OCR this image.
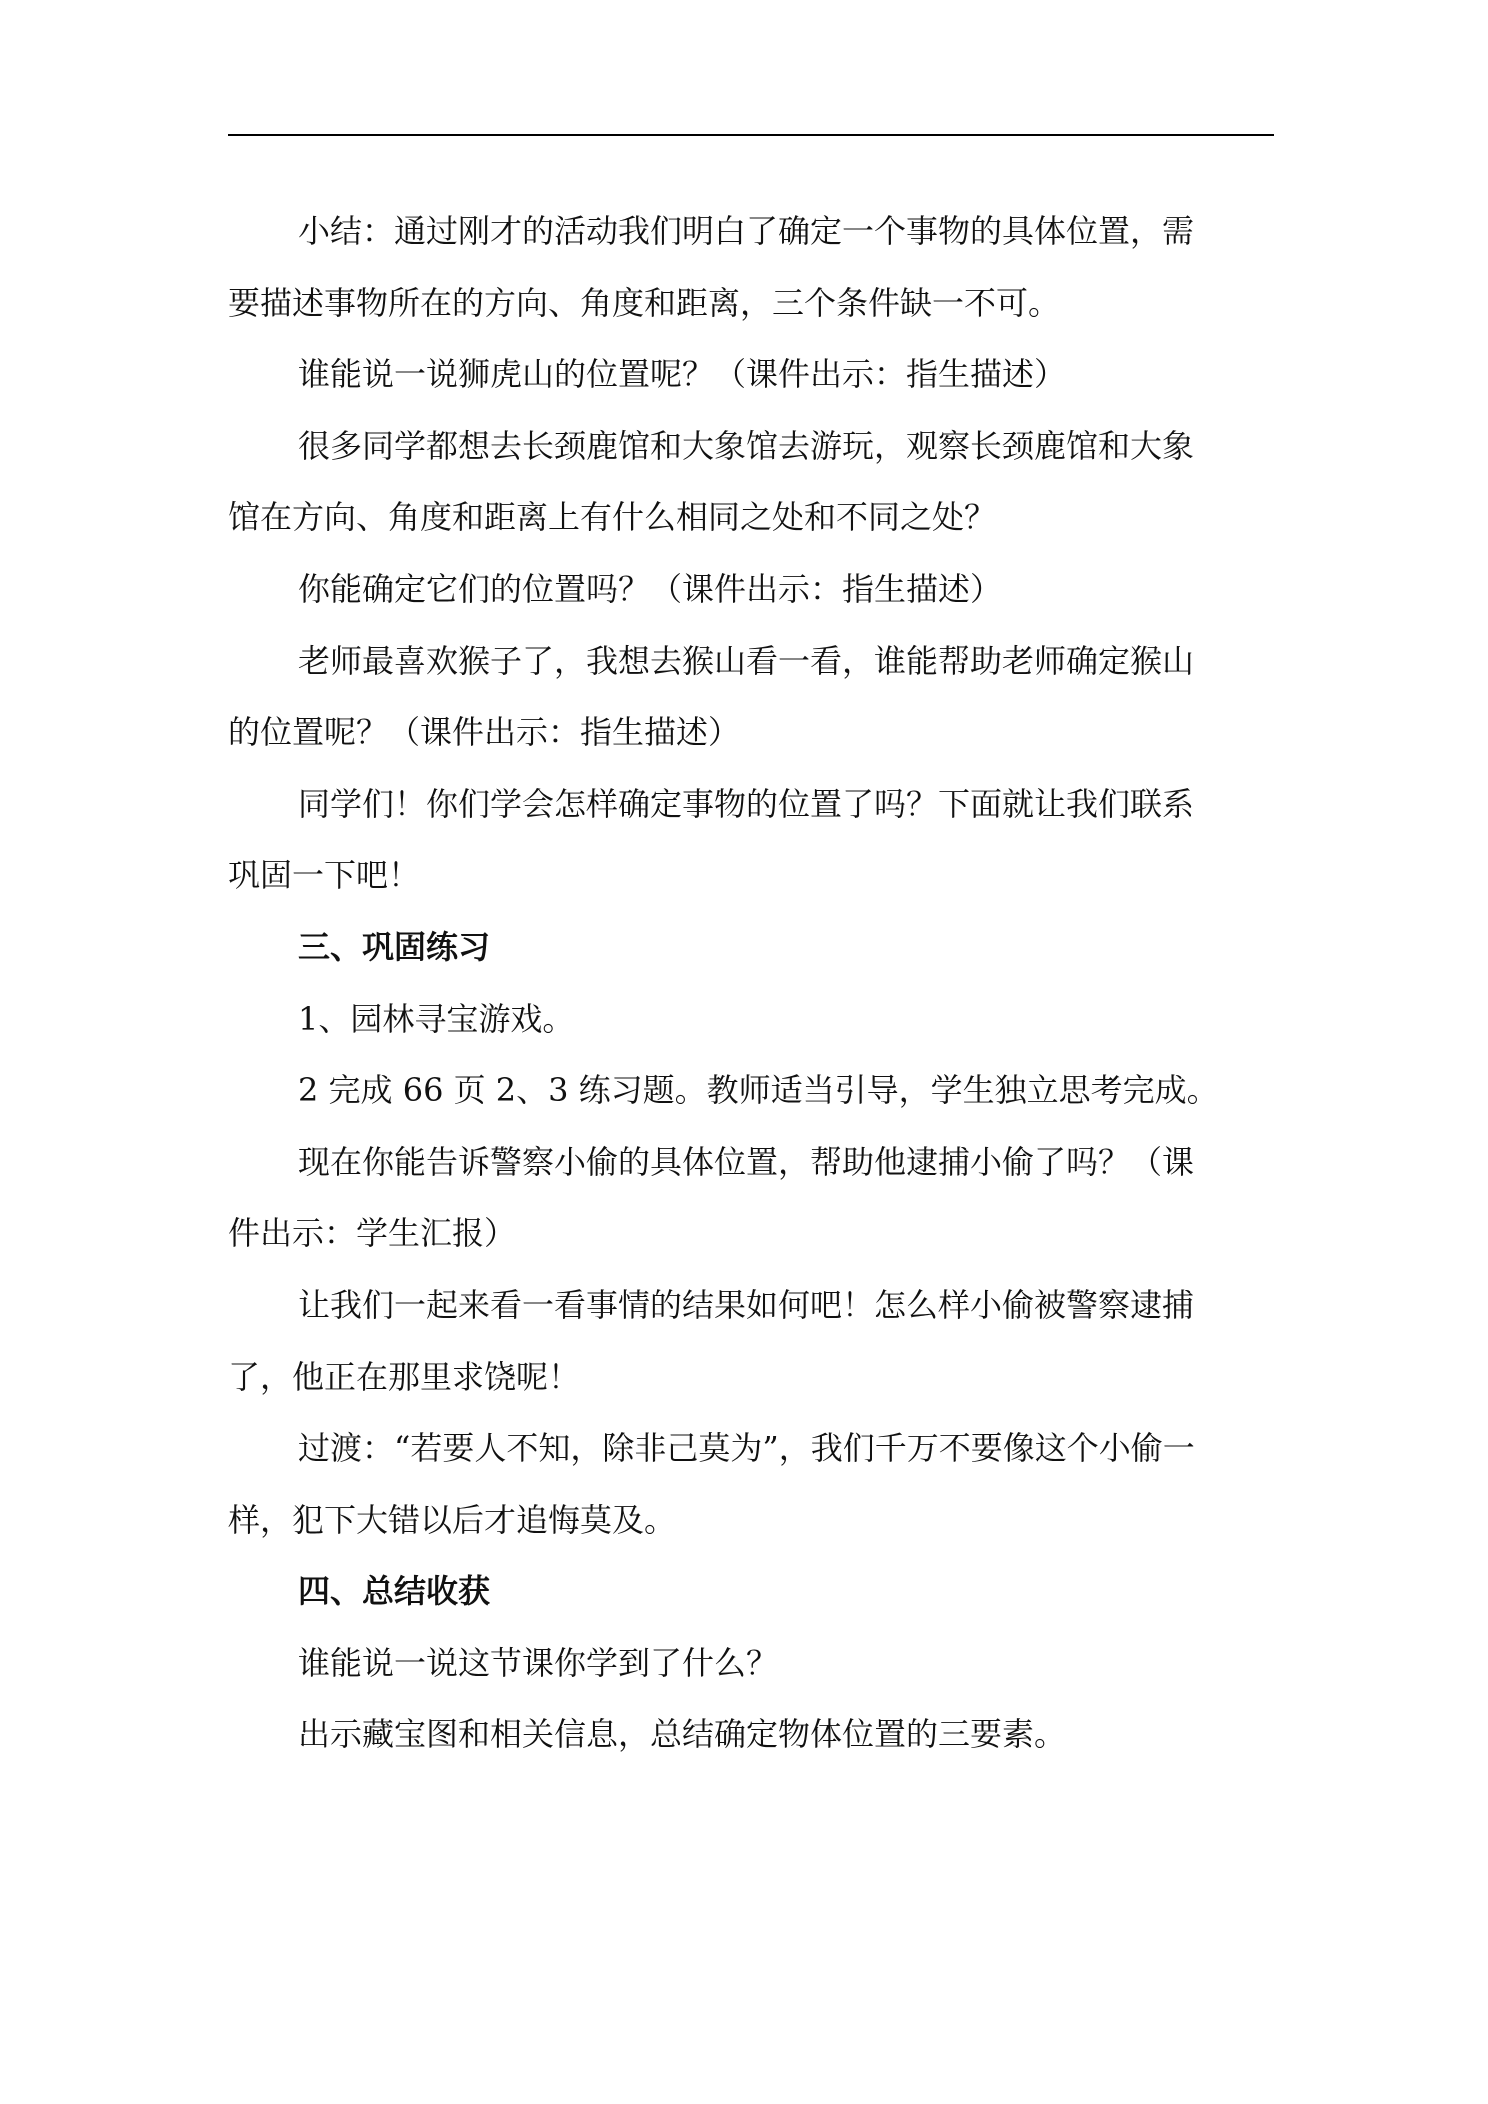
小结：通过刚才的活动我们明白了确定一个事物的具体位置，需
要描述事物所在的方向、角度和距离，三个条件缺一不可。

谁能说一说狮虎山的位置呢？（课件出示：指生描述）

很多同学都想去长颈鹿馆和大象馆去游玩，观察长颈鹿馆和大象
馆在方向、角度和距离上有什么相同之处和不同之处？

你能确定它们的位置吗？（课件出示：指生描述）

老师最喜欢猴子了，我想去猴山看一看，谁能帮助老师确定猴山
的位置呢？（课件出示：指生描述）

同学们！你们学会怎样确定事物的位置了吗？下面就让我们联系
巩固一下吧！

三、巩固练习

1、园林寻宝游戏。

2 完成 66 页 2、3 练习题。教师适当引导，学生独立思考完成。

现在你能告诉警察小偷的具体位置，帮助他逮捕小偷了吗？（课
件出示：学生汇报）

让我们一起来看一看事情的结果如何吧！怎么样小偷被警察逮捕
了，他正在那里求饶呢！

过渡：“若要人不知，除非己莫为”，我们千万不要像这个小偷一
样，犯下大错以后才追悔莫及。

四、总结收获

谁能说一说这节课你学到了什么？

出示藏宝图和相关信息，总结确定物体位置的三要素。
